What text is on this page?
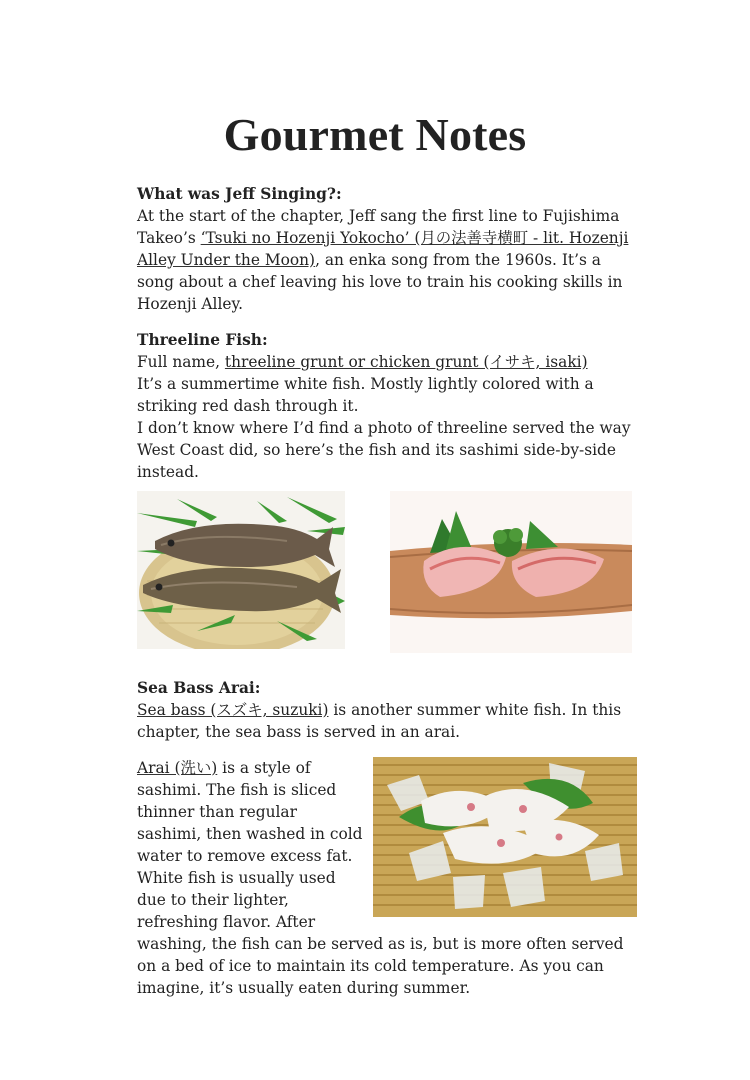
Gourmet Notes
What was Jeff Singing?:

At the start of the chapter, Jeff sang the first line to Fujishima Takeo’s ‘Tsuki no Hozenji Yokocho’ (月の法善寺横町 - lit. Hozenji Alley Under the Moon), an enka song from the 1960s. It’s a song about a chef leaving his love to train his cooking skills in Hozenji Alley.

Threeline Fish:

Full name, threeline grunt or chicken grunt (イサキ, isaki)

It’s a summertime white fish. Mostly lightly colored with a striking red dash through it.

I don’t know where I’d find a photo of threeline served the way West Coast did, so here’s the fish and its sashimi side-by-side instead.

Sea Bass Arai:

Sea bass (スズキ, suzuki) is another summer white fish. In this chapter, the sea bass is served in an arai.

Arai (洗い) is a style of sashimi. The fish is sliced thinner than regular sashimi, then washed in cold water to remove excess fat. White fish is usually used due to their lighter, refreshing flavor. After washing, the fish can be served as is, but is more often served on a bed of ice to maintain its cold temperature. As you can imagine, it’s usually eaten during summer.
